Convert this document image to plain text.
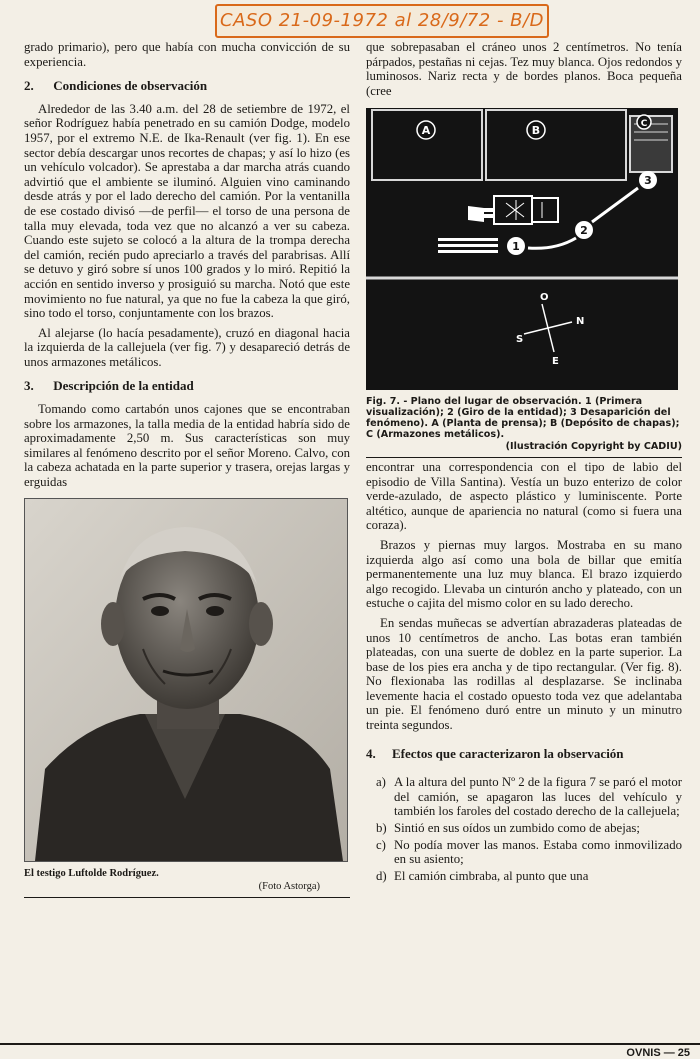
CASO 21-09-1972 al 28/9/72 - B/D

grado primario), pero que había con mucha convicción de su experiencia.

2. Condiciones de observación

Alrededor de las 3.40 a.m. del 28 de setiembre de 1972, el señor Rodríguez había penetrado en su camión Dodge, modelo 1957, por el extremo N.E. de Ika-Renault (ver fig. 1). En ese sector debía descargar unos recortes de chapas; y así lo hizo (es un vehículo volcador). Se aprestaba a dar marcha atrás cuando advirtió que el ambiente se iluminó. Alguien vino caminando desde atrás y por el lado derecho del camión. Por la ventanilla de ese costado divisó —de perfil— el torso de una persona de talla muy elevada, toda vez que no alcanzó a ver su cabeza. Cuando este sujeto se colocó a la altura de la trompa derecha del camión, recién pudo apreciarlo a través del parabrisas. Allí se detuvo y giró sobre sí unos 100 grados y lo miró. Repitió la acción en sentido inverso y prosiguió su marcha. Notó que este movimiento no fue natural, ya que no fue la cabeza la que giró, sino todo el torso, conjuntamente con los brazos.

Al alejarse (lo hacía pesadamente), cruzó en diagonal hacia la izquierda de la callejuela (ver fig. 7) y desapareció detrás de unos armazones metálicos.

3. Descripción de la entidad

Tomando como cartabón unos cajones que se encontraban sobre los armazones, la talla media de la entidad habría sido de aproximadamente 2,50 m. Sus características son muy similares al fenómeno descrito por el señor Moreno. Calvo, con la cabeza achatada en la parte superior y trasera, orejas largas y erguidas

El testigo Luftolde Rodríguez.
(Foto Astorga)

que sobrepasaban el cráneo unos 2 centímetros. No tenía párpados, pestañas ni cejas. Tez muy blanca. Ojos redondos y luminosos. Nariz recta y de bordes planos. Boca pequeña (cree

A	B	C
1
2
3
O
N
S
E

Fig. 7. - Plano del lugar de observación. 1 (Primera visualización); 2 (Giro de la entidad); 3 Desaparición del fenómeno). A (Planta de prensa); B (Depósito de chapas); C (Armazones metálicos).

(Ilustración Copyright by CADIU)

encontrar una correspondencia con el tipo de labio del episodio de Villa Santina). Vestía un buzo enterizo de color verde-azulado, de aspecto plástico y luminiscente. Porte altético, aunque de apariencia no natural (como si fuera una coraza).

Brazos y piernas muy largos. Mostraba en su mano izquierda algo así como una bola de billar que emitía permanentemente una luz muy blanca. El brazo izquierdo algo recogido. Llevaba un cinturón ancho y plateado, con un estuche o cajita del mismo color en su lado derecho.

En sendas muñecas se advertían abrazaderas plateadas de unos 10 centímetros de ancho. Las botas eran también plateadas, con una suerte de doblez en la parte superior. La base de los pies era ancha y de tipo rectangular. (Ver fig. 8). No flexionaba las rodillas al desplazarse. Se inclinaba levemente hacia el costado opuesto toda vez que adelantaba un pie. El fenómeno duró entre un minuto y un minutro treinta segundos.

4.	Efectos que caracterizaron la observación
a) A la altura del punto Nº 2 de la figura 7 se paró el motor del camión, se apagaron las luces del vehículo y también los faroles del costado derecho de la callejuela;
b) Sintió en sus oídos un zumbido como de abejas;
c) No podía mover las manos. Estaba como inmovilizado en su asiento;
d) El camión cimbraba, al punto que una
OVNIS — 25
